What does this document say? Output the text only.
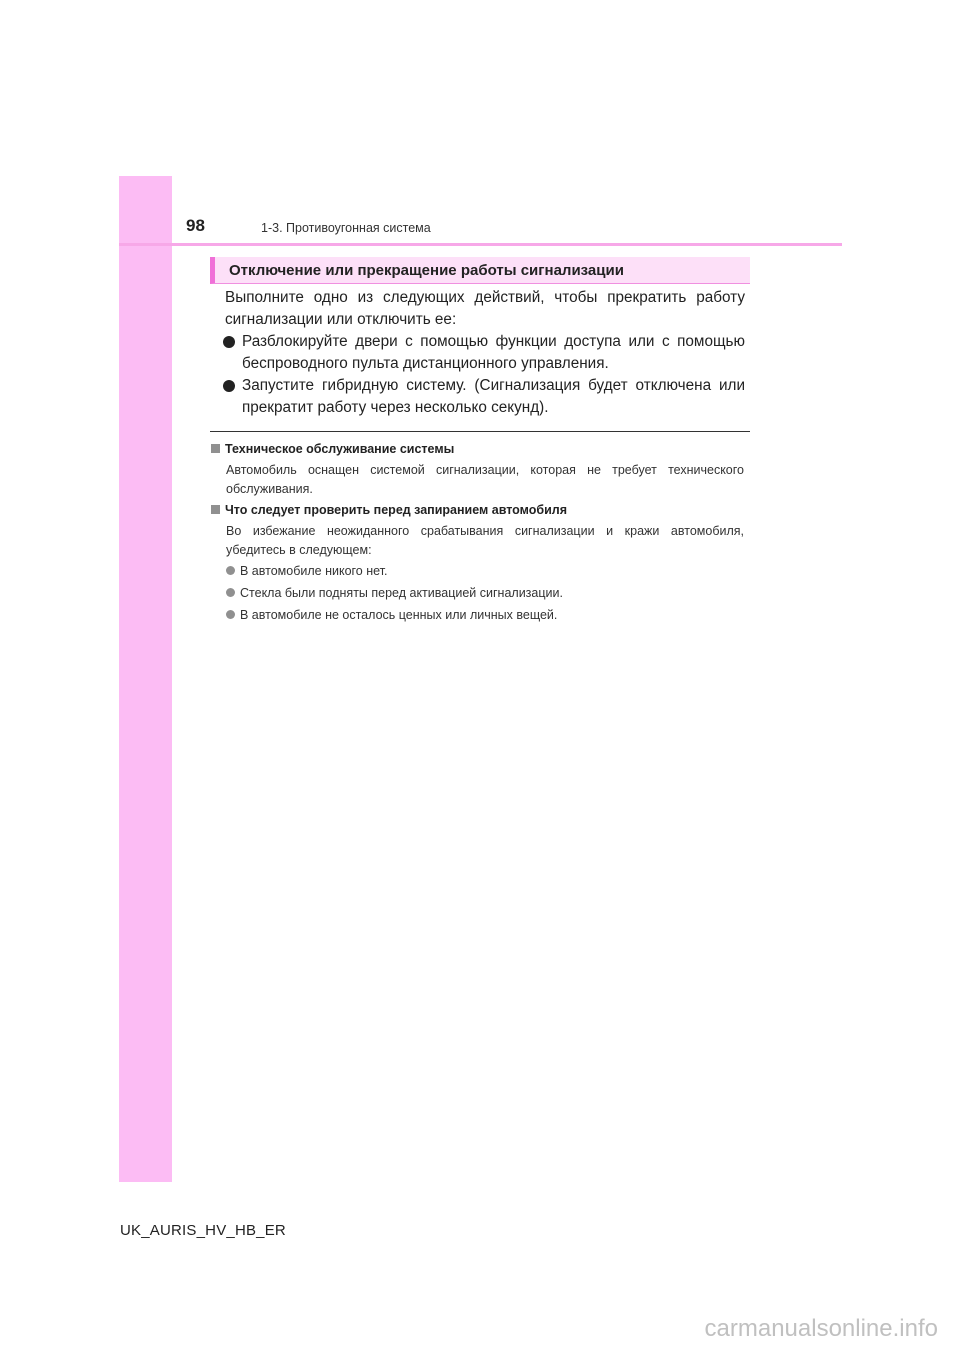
98	1-3. Противоугонная система
Отключение или прекращение работы сигнализации
Выполните одно из следующих действий, чтобы прекратить работу сигнализации или отключить ее:
Разблокируйте двери с помощью функции доступа или с помощью беспроводного пульта дистанционного управления.
Запустите гибридную систему. (Сигнализация будет отключена или прекратит работу через несколько секунд).
Техническое обслуживание системы
Автомобиль оснащен системой сигнализации, которая не требует технического обслуживания.
Что следует проверить перед запиранием автомобиля
Во избежание неожиданного срабатывания сигнализации и кражи автомобиля, убедитесь в следующем:
В автомобиле никого нет.
Стекла были подняты перед активацией сигнализации.
В автомобиле не осталось ценных или личных вещей.
UK_AURIS_HV_HB_ER
carmanualsonline.info
